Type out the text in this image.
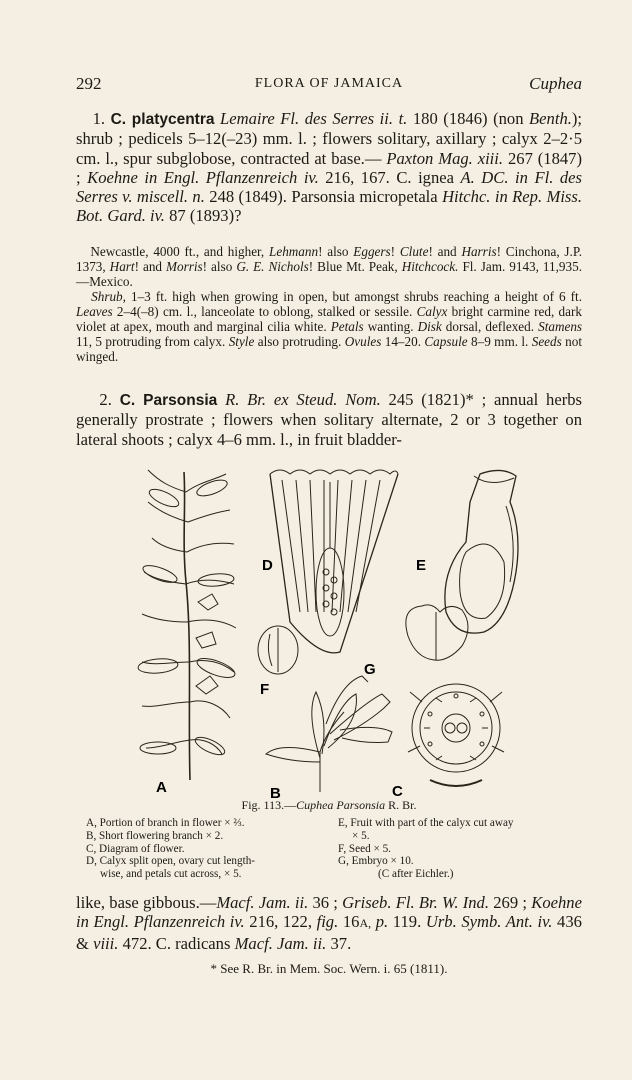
292	FLORA OF JAMAICA	Cuphea
1. C. platycentra Lemaire Fl. des Serres ii. t. 180 (1846) (non Benth.); shrub ; pedicels 5–12(–23) mm. l. ; flowers solitary, axillary ; calyx 2–2·5 cm. l., spur subglobose, contracted at base.— Paxton Mag. xiii. 267 (1847) ; Koehne in Engl. Pflanzenreich iv. 216, 167. C. ignea A. DC. in Fl. des Serres v. miscell. n. 248 (1849). Parsonsia micropetala Hitchc. in Rep. Miss. Bot. Gard. iv. 87 (1893)?
Newcastle, 4000 ft., and higher, Lehmann! also Eggers! Clute! and Harris! Cinchona, J.P. 1373, Hart! and Morris! also G. E. Nichols! Blue Mt. Peak, Hitchcock. Fl. Jam. 9143, 11,935.—Mexico.
Shrub, 1–3 ft. high when growing in open, but amongst shrubs reaching a height of 6 ft. Leaves 2–4(–8) cm. l., lanceolate to oblong, stalked or sessile. Calyx bright carmine red, dark violet at apex, mouth and marginal cilia white. Petals wanting. Disk dorsal, deflexed. Stamens 11, 5 protruding from calyx. Style also protruding. Ovules 14–20. Capsule 8–9 mm. l. Seeds not winged.
2. C. Parsonsia R. Br. ex Steud. Nom. 245 (1821)* ; annual herbs generally prostrate ; flowers when solitary alternate, 2 or 3 together on lateral shoots ; calyx 4–6 mm. l., in fruit bladder-
A	B	C
D	E
F
G
Fig. 113.—Cuphea Parsonsia R. Br.
A, Portion of branch in flower × ⅔.
B, Short flowering branch × 2.
C, Diagram of flower.
D, Calyx split open, ovary cut length-
wise, and petals cut across, × 5.
E, Fruit with part of the calyx cut away
× 5.
F, Seed × 5.
G, Embryo × 10.
(C after Eichler.)
like, base gibbous.—Macf. Jam. ii. 36 ; Griseb. Fl. Br. W. Ind. 269 ; Koehne in Engl. Pflanzenreich iv. 216, 122, fig. 16A, p. 119. Urb. Symb. Ant. iv. 436 & viii. 472. C. radicans Macf. Jam. ii. 37.
* See R. Br. in Mem. Soc. Wern. i. 65 (1811).
